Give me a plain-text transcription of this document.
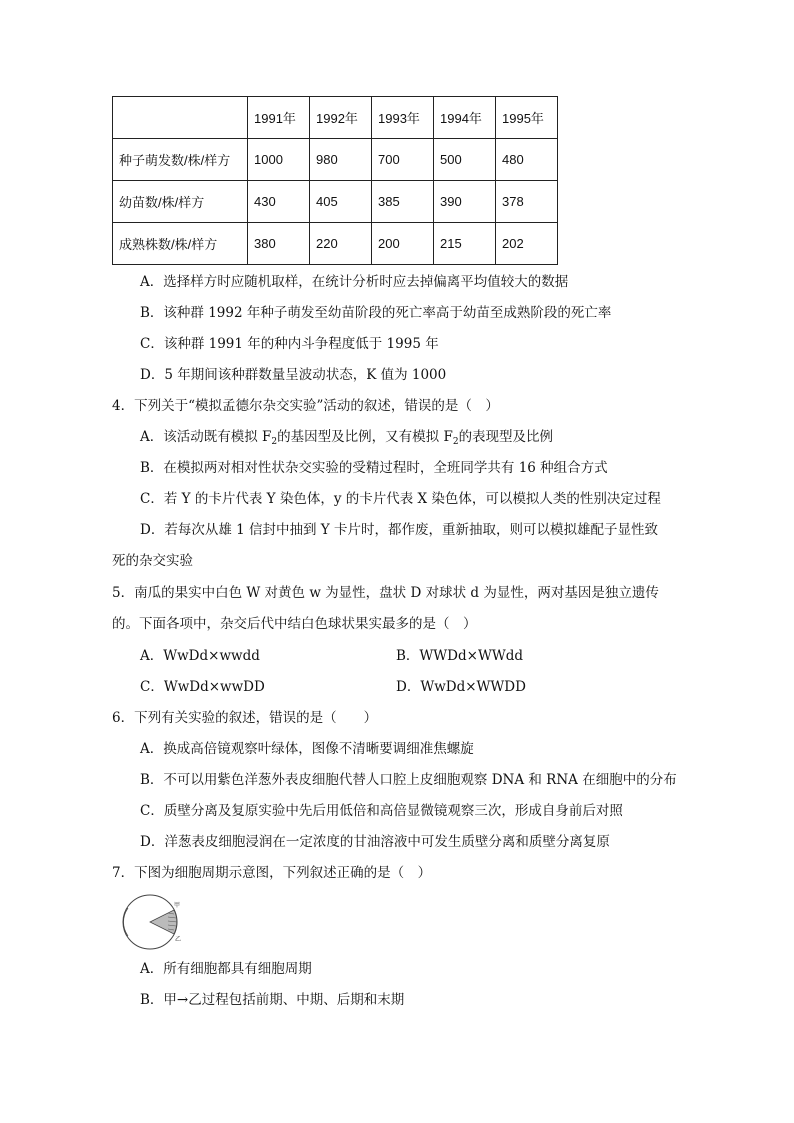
	1991年	1992年	1993年	1994年	1995年
种子萌发数/株/样方	1000	980	700	500	480
幼苗数/株/样方	430	405	385	390	378
成熟株数/株/样方	380	220	200	215	202
A．选择样方时应随机取样，在统计分析时应去掉偏离平均值较大的数据
B．该种群 1992 年种子萌发至幼苗阶段的死亡率高于幼苗至成熟阶段的死亡率
C．该种群 1991 年的种内斗争程度低于 1995 年
D．5 年期间该种群数量呈波动状态，K 值为 1000
4．下列关于“模拟孟德尔杂交实验”活动的叙述，错误的是（　）
A．该活动既有模拟 $F_2$的基因型及比例，又有模拟 $F_2$的表现型及比例
B．在模拟两对相对性状杂交实验的受精过程时，全班同学共有 16 种组合方式
C．若 Y 的卡片代表 Y 染色体，y 的卡片代表 X 染色体，可以模拟人类的性别决定过程
D．若每次从雄 1 信封中抽到 Y 卡片时，都作废，重新抽取，则可以模拟雄配子显性致
死的杂交实验
5．南瓜的果实中白色 W 对黄色 w 为显性，盘状 D 对球状 d 为显性，两对基因是独立遗传
的。下面各项中，杂交后代中结白色球状果实最多的是（　）
A．WwDd×wwdd	B．WWDd×WWdd
C．WwDd×wwDD	D．WwDd×WWDD
6．下列有关实验的叙述，错误的是（　　）
A．换成高倍镜观察叶绿体，图像不清晰要调细准焦螺旋
B．不可以用紫色洋葱外表皮细胞代替人口腔上皮细胞观察 DNA 和 RNA 在细胞中的分布
C．质壁分离及复原实验中先后用低倍和高倍显微镜观察三次，形成自身前后对照
D．洋葱表皮细胞浸润在一定浓度的甘油溶液中可发生质壁分离和质壁分离复原
7．下图为细胞周期示意图，下列叙述正确的是（　）
甲
乙
A．所有细胞都具有细胞周期
B．甲→乙过程包括前期、中期、后期和末期
